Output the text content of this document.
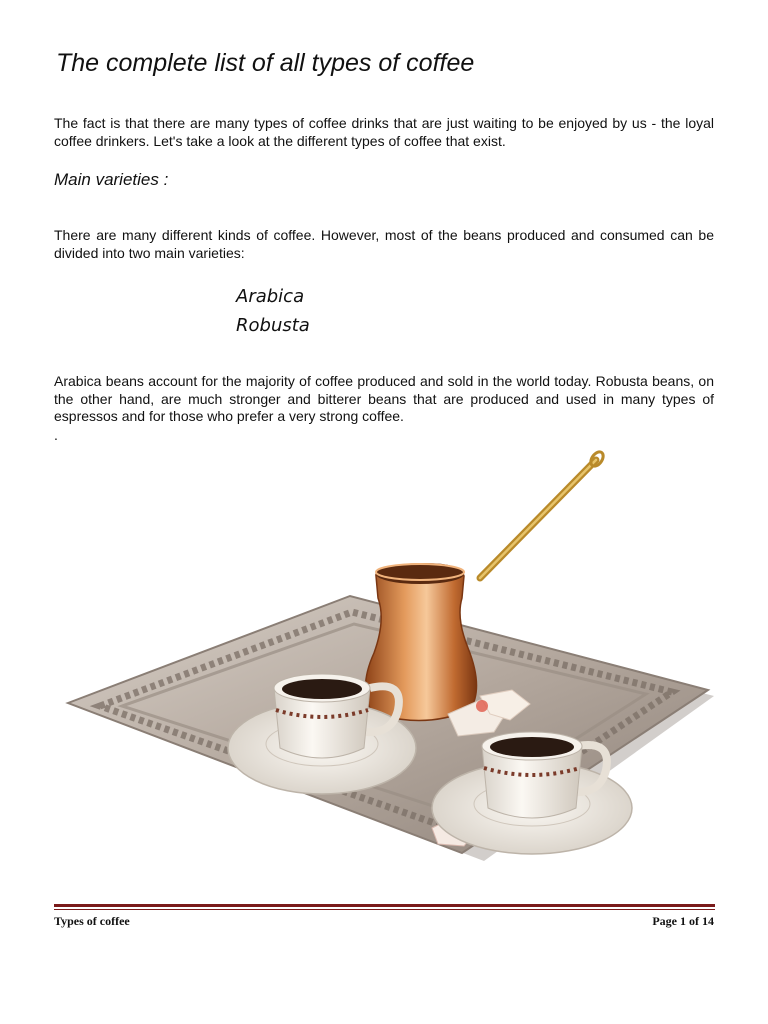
The complete list of all types of coffee

The fact is that there are many types of coffee drinks that are just waiting to be enjoyed by us - the loyal coffee drinkers. Let's take a look at the different types of coffee that exist.

Main varieties :

There are many different kinds of coffee. However, most of the beans produced and consumed can be divided into two main varieties:

Arabica
Robusta

Arabica beans account for the majority of coffee produced and sold in the world today. Robusta beans, on the other hand, are much stronger and bitterer beans that are produced and used in many types of espressos and for those who prefer a very strong coffee.

.
Types of coffee	Page 1 of 14
